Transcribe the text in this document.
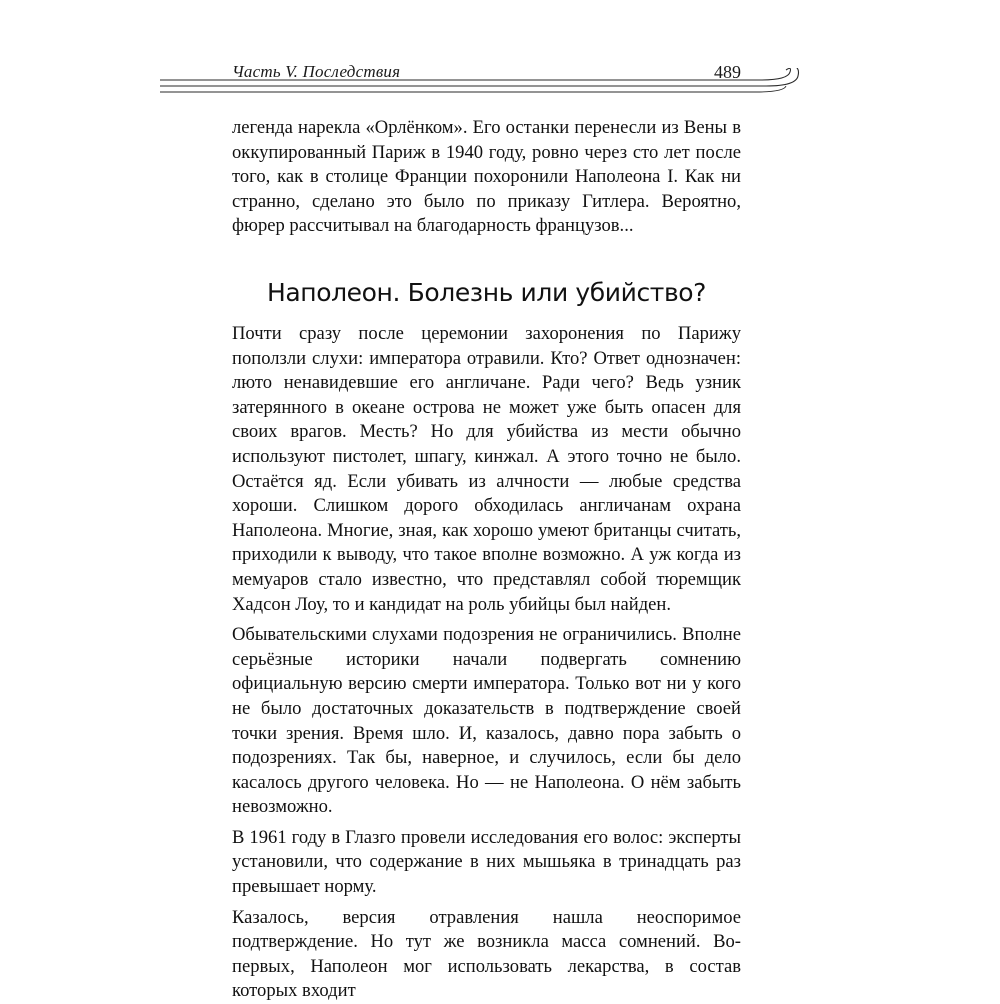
Часть V. Последствия	489

легенда нарекла «Орлёнком». Его останки перенесли из Вены в оккупированный Париж в 1940 году, ровно через сто лет после того, как в столице Франции похоронили Наполеона I. Как ни странно, сделано это было по приказу Гитлера. Вероятно, фюрер рассчитывал на благодарность французов...

Наполеон. Болезнь или убийство?

Почти сразу после церемонии захоронения по Парижу поползли слухи: императора отравили. Кто? Ответ однозначен: люто ненавидевшие его англичане. Ради чего? Ведь узник затерянного в океане острова не может уже быть опасен для своих врагов. Месть? Но для убийства из мести обычно используют пистолет, шпагу, кинжал. А этого точно не было. Остаётся яд. Если убивать из алчности — любые средства хороши. Слишком дорого обходилась англичанам охрана Наполеона. Многие, зная, как хорошо умеют британцы считать, приходили к выводу, что такое вполне возможно. А уж когда из мемуаров стало известно, что представлял собой тюремщик Хадсон Лоу, то и кандидат на роль убийцы был найден.

Обывательскими слухами подозрения не ограничились. Вполне серьёзные историки начали подвергать сомнению официальную версию смерти императора. Только вот ни у кого не было достаточных доказательств в подтверждение своей точки зрения. Время шло. И, казалось, давно пора забыть о подозрениях. Так бы, наверное, и случилось, если бы дело касалось другого человека. Но — не Наполеона. О нём забыть невозможно.

В 1961 году в Глазго провели исследования его волос: эксперты установили, что содержание в них мышьяка в тринадцать раз превышает норму.

Казалось, версия отравления нашла неоспоримое подтверждение. Но тут же возникла масса сомнений. Во-первых, Наполеон мог использовать лекарства, в состав которых входит
